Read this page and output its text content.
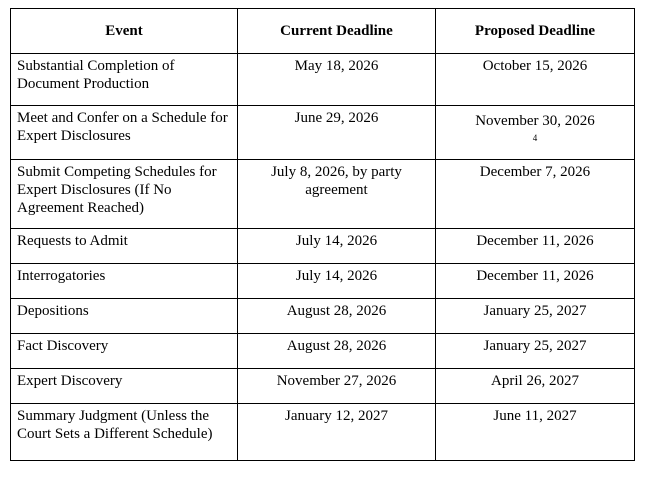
Event	Current Deadline	Proposed Deadline

Substantial Completion of Document Production	May 18, 2026	October 15, 2026

Meet and Confer on a Schedule for Expert Disclosures	June 29, 2026	November 30, 2026
$^4$

Submit Competing Schedules for Expert Disclosures (If No Agreement Reached)	July 8, 2026, by party agreement	December 7, 2026

Requests to Admit	July 14, 2026	December 11, 2026

Interrogatories	July 14, 2026	December 11, 2026

Depositions	August 28, 2026	January 25, 2027

Fact Discovery	August 28, 2026	January 25, 2027

Expert Discovery	November 27, 2026	April 26, 2027

Summary Judgment (Unless the Court Sets a Different Schedule)	January 12, 2027	June 11, 2027
